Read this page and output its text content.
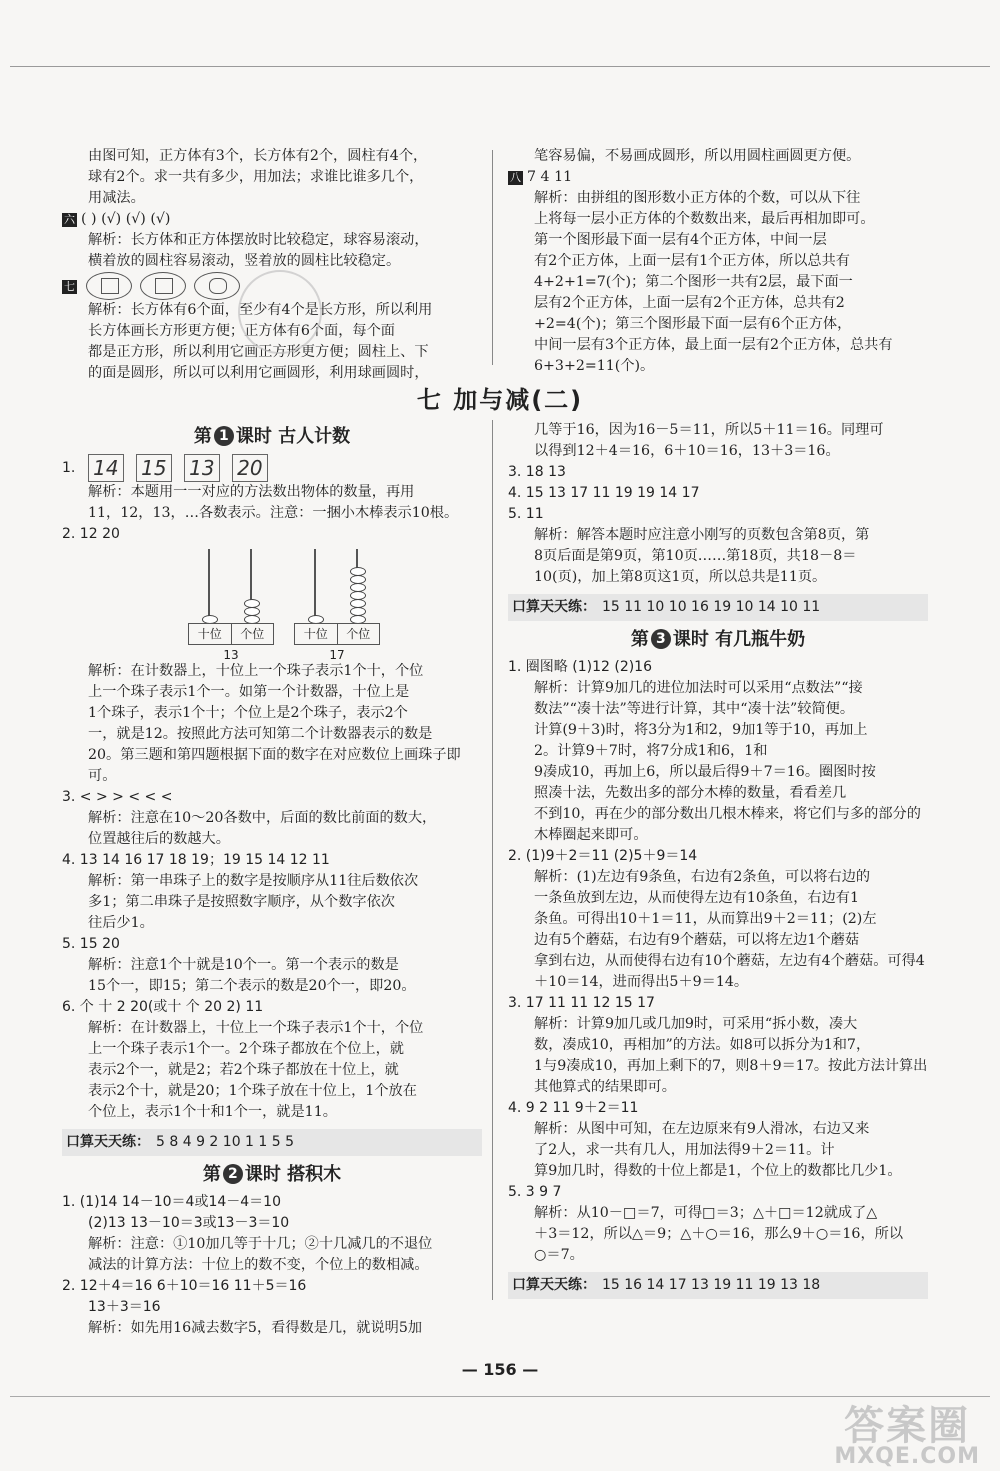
由图可知，正方体有3个，长方体有2个，圆柱有4个，

球有2个。求一共有多少，用加法；求谁比谁多几个，

用减法。

六 ( ) (√) (√) (√)

解析：长方体和正方体摆放时比较稳定，球容易滚动，

横着放的圆柱容易滚动，竖着放的圆柱比较稳定。

七

解析：长方体有6个面，至少有4个是长方形，所以利用

长方体画长方形更方便；正方体有6个面，每个面

都是正方形，所以利用它画正方形更方便；圆柱上、下

的面是圆形，所以可以利用它画圆形，利用球画圆时，

笔容易偏，不易画成圆形，所以用圆柱画圆更方便。

八 7 4 11

解析：由拼组的图形数小正方体的个数，可以从下往

上将每一层小正方体的个数数出来，最后再相加即可。

第一个图形最下面一层有4个正方体，中间一层

有2个正方体，上面一层有1个正方体，所以总共有

4+2+1=7(个)；第二个图形一共有2层，最下面一

层有2个正方体，上面一层有2个正方体，总共有2

+2=4(个)；第三个图形最下面一层有6个正方体，

中间一层有3个正方体，最上面一层有2个正方体，总共有6+3+2=11(个)。

七 加与减(二)
第 1 课时 古人计数

1. 14 15 13 20

解析：本题用一一对应的方法数出物体的数量，再用

11，12，13，…各数表示。注意：一捆小木棒表示10根。

2. 12 20

十位	个位
13
十位	个位
17

解析：在计数器上，十位上一个珠子表示1个十，个位

上一个珠子表示1个一。如第一个计数器，十位上是

1个珠子，表示1个十；个位上是2个珠子，表示2个

一，就是12。按照此方法可知第二个计数器表示的数是

20。第三题和第四题根据下面的数字在对应数位上画珠子即可。

3. < > > < < <

解析：注意在10～20各数中，后面的数比前面的数大，

位置越往后的数越大。

4. 13 14 16 17 18 19；19 15 14 12 11

解析：第一串珠子上的数字是按顺序从11往后数依次

多1；第二串珠子是按照数字顺序，从个数字依次

往后少1。

5. 15 20

解析：注意1个十就是10个一。第一个表示的数是

15个一，即15；第二个表示的数是20个一，即20。

6. 个 十 2 20(或十 个 20 2) 11

解析：在计数器上，十位上一个珠子表示1个十，个位

上一个珠子表示1个一。2个珠子都放在个位上，就

表示2个一，就是2；若2个珠子都放在十位上，就

表示2个十，就是20；1个珠子放在十位上，1个放在

个位上，表示1个十和1个一，就是11。

口算天天练： 5 8 4 9 2 10 1 1 5 5
第 2 课时 搭积木

1. (1)14 14－10＝4或14－4＝10

(2)13 13－10＝3或13－3＝10

解析：注意：①10加几等于十几；②十几减几的不退位

减法的计算方法：十位上的数不变，个位上的数相减。

2. 12＋4＝16 6＋10＝16 11＋5＝16

13＋3＝16

解析：如先用16减去数字5，看得数是几，就说明5加

几等于16，因为16－5＝11，所以5＋11＝16。同理可

以得到12＋4＝16，6＋10＝16，13＋3＝16。

3. 18 13

4. 15 13 17 11 19 19 14 17

5. 11

解析：解答本题时应注意小刚写的页数包含第8页，第

8页后面是第9页，第10页……第18页，共18－8＝

10(页)，加上第8页这1页，所以总共是11页。

口算天天练： 15 11 10 10 16 19 10 14 10 11
第 3 课时 有几瓶牛奶

1. 圈图略 (1)12 (2)16

解析：计算9加几的进位加法时可以采用“点数法”“接

数法”“凑十法”等进行计算，其中“凑十法”较简便。

计算(9＋3)时，将3分为1和2，9加1等于10，再加上

2。计算9＋7时，将7分成1和6，1和

9凑成10，再加上6，所以最后得9＋7＝16。圈图时按

照凑十法，先数出多的部分木棒的数量，看看差几

不到10，再在少的部分数出几根木棒来，将它们与多的部分的木棒圈起来即可。

2. (1)9＋2＝11 (2)5＋9＝14

解析：(1)左边有9条鱼，右边有2条鱼，可以将右边的

一条鱼放到左边，从而使得左边有10条鱼，右边有1

条鱼。可得出10＋1＝11，从而算出9＋2＝11；(2)左

边有5个蘑菇，右边有9个蘑菇，可以将左边1个蘑菇

拿到右边，从而使得右边有10个蘑菇，左边有4个蘑菇。可得4＋10＝14，进而得出5＋9＝14。

3. 17 11 11 12 15 17

解析：计算9加几或几加9时，可采用“拆小数，凑大

数，凑成10，再相加”的方法。如8可以拆分为1和7，

1与9凑成10，再加上剩下的7，则8＋9＝17。按此方法计算出其他算式的结果即可。

4. 9 2 11 9＋2＝11

解析：从图中可知，在左边原来有9人滑冰，右边又来

了2人，求一共有几人，用加法得9＋2＝11。计

算9加几时，得数的十位上都是1，个位上的数都比几少1。

5. 3 9 7

解析：从10－□＝7，可得□＝3；△＋□＝12就成了△

＋3＝12，所以△＝9；△＋○＝16，那么9＋○＝16，所以

○＝7。

口算天天练： 15 16 14 17 13 19 11 19 13 18
— 156 —
答案圈
MXQE.COM
